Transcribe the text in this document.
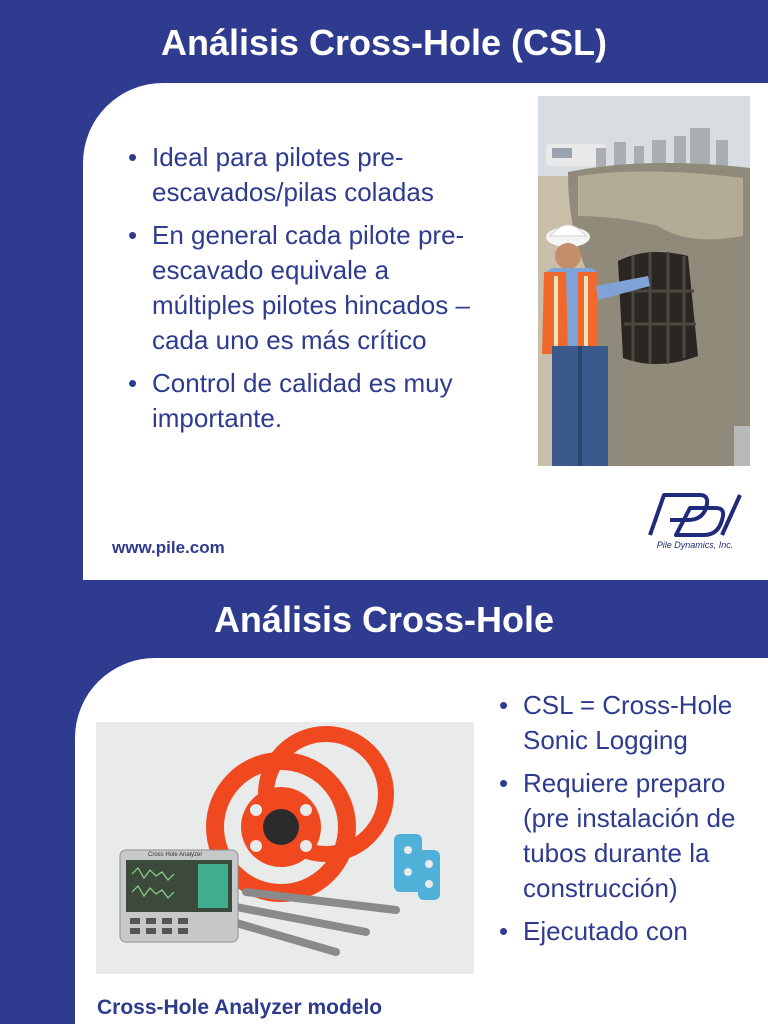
Análisis Cross-Hole (CSL)
• Ideal para pilotes pre-escavados/pilas coladas
• En general cada pilote pre-escavado equivale a múltiples pilotes hincados – cada uno es más crítico
• Control de calidad es muy importante.
Pile Dynamics, Inc.
www.pile.com
Análisis Cross-Hole
Cross Hole Analyzer
• CSL = Cross-Hole Sonic Logging
• Requiere preparo (pre instalación de tubos durante la construcción)
• Ejecutado con
Cross-Hole Analyzer modelo
